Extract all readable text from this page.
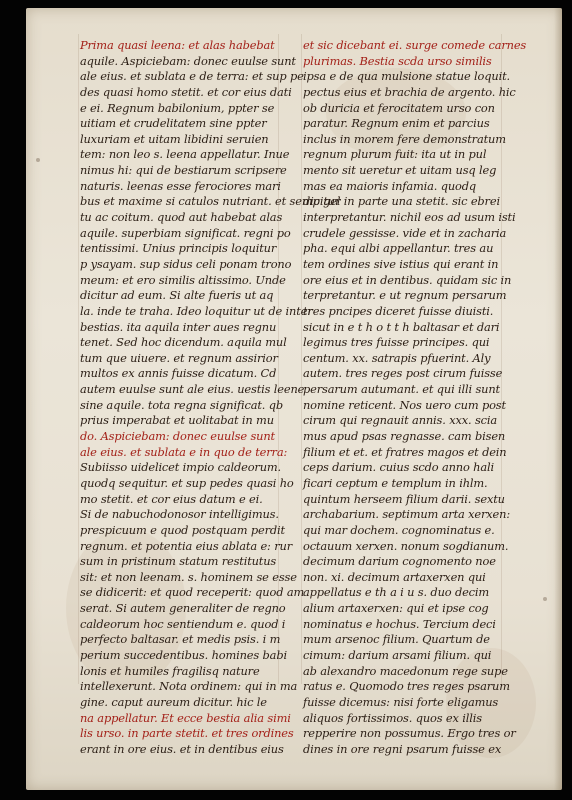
Prima quasi leena: et alas habebat
aquile. Aspiciebam: donec euulse sunt
ale eius. et sublata e de terra: et sup pe
des quasi homo stetit. et cor eius dati
e ei. Regnum babilonium, ppter se
uitiam et crudelitatem sine ppter
luxuriam et uitam libidini seruien
tem: non leo s. leena appellatur. Inue
nimus hi: qui de bestiarum scripsere
naturis. leenas esse ferociores mari
bus et maxime si catulos nutriant. et semp gel
tu ac coitum. quod aut habebat alas
aquile. superbiam significat. regni po
tentissimi. Unius principis loquitur
p ysayam. sup sidus celi ponam trono
meum: et ero similis altissimo. Unde
dicitur ad eum. Si alte fueris ut aq
la. inde te traha. Ideo loquitur ut de inter
bestias. ita aquila inter aues regnu
tenet. Sed hoc dicendum. aquila mul
tum que uiuere. et regnum assirior
multos ex annis fuisse dicatum. Cd
autem euulse sunt ale eius. uestis leene
sine aquile. tota regna significat. qb
prius imperabat et uolitabat in mu
do. Aspiciebam: donec euulse sunt
ale eius. et sublata e in quo de terra:
Subiisso uidelicet impio caldeorum.
quodq sequitur. et sup pedes quasi ho
mo stetit. et cor eius datum e ei.
Si de nabuchodonosor intelligimus.
prespicuum e quod postquam perdit
regnum. et potentia eius ablata e: rur
sum in pristinum statum restitutus
sit: et non leenam. s. hominem se esse
se didicerit: et quod receperit: quod am
serat. Si autem generaliter de regno
caldeorum hoc sentiendum e. quod i
perfecto baltasar. et medis psis. i m
perium succedentibus. homines babi
lonis et humiles fragilisq nature
intellexerunt. Nota ordinem: qui in ma
gine. caput aureum dicitur. hic le
na appellatur. Et ecce bestia alia simi
lis urso. in parte stetit. et tres ordines
erant in ore eius. et in dentibus eius
et sic dicebant ei. surge comede carnes
plurimas. Bestia scda urso similis
ipsa e de qua mulsione statue loquit.
pectus eius et brachia de argento. hic
ob duricia et ferocitatem urso con
paratur. Regnum enim et parcius
inclus in morem fere demonstratum
regnum plurum fuit: ita ut in pul
mento sit ueretur et uitam usq leg
mas ea maioris infamia. quodq
dicitur in parte una stetit. sic ebrei
interpretantur. nichil eos ad usum isti
crudele gessisse. vide et in zacharia
pha. equi albi appellantur. tres au
tem ordines sive istius qui erant in
ore eius et in dentibus. quidam sic in
terpretantur. e ut regnum persarum
tres pncipes diceret fuisse diuisti.
sicut in e t h o t t h baltasar et dari
legimus tres fuisse principes. qui
centum. xx. satrapis pfuerint. Aly
autem. tres reges post cirum fuisse
persarum autumant. et qui illi sunt
nomine reticent. Nos uero cum post
cirum qui regnauit annis. xxx. scia
mus apud psas regnasse. cam bisen
filium et et. et fratres magos et dein
ceps darium. cuius scdo anno hali
ficari ceptum e templum in ihlm.
quintum herseem filium darii. sextu
archabarium. septimum arta xerxen:
qui mar dochem. cognominatus e.
octauum xerxen. nonum sogdianum.
decimum darium cognomento noe
non. xi. decimum artaxerxen qui
appellatus e th a i u s. duo decim
alium artaxerxen: qui et ipse cog
nominatus e hochus. Tercium deci
mum arsenoc filium. Quartum de
cimum: darium arsami filium. qui
ab alexandro macedonum rege supe
ratus e. Quomodo tres reges psarum
fuisse dicemus: nisi forte eligamus
aliquos fortissimos. quos ex illis
repperire non possumus. Ergo tres or
dines in ore regni psarum fuisse ex
